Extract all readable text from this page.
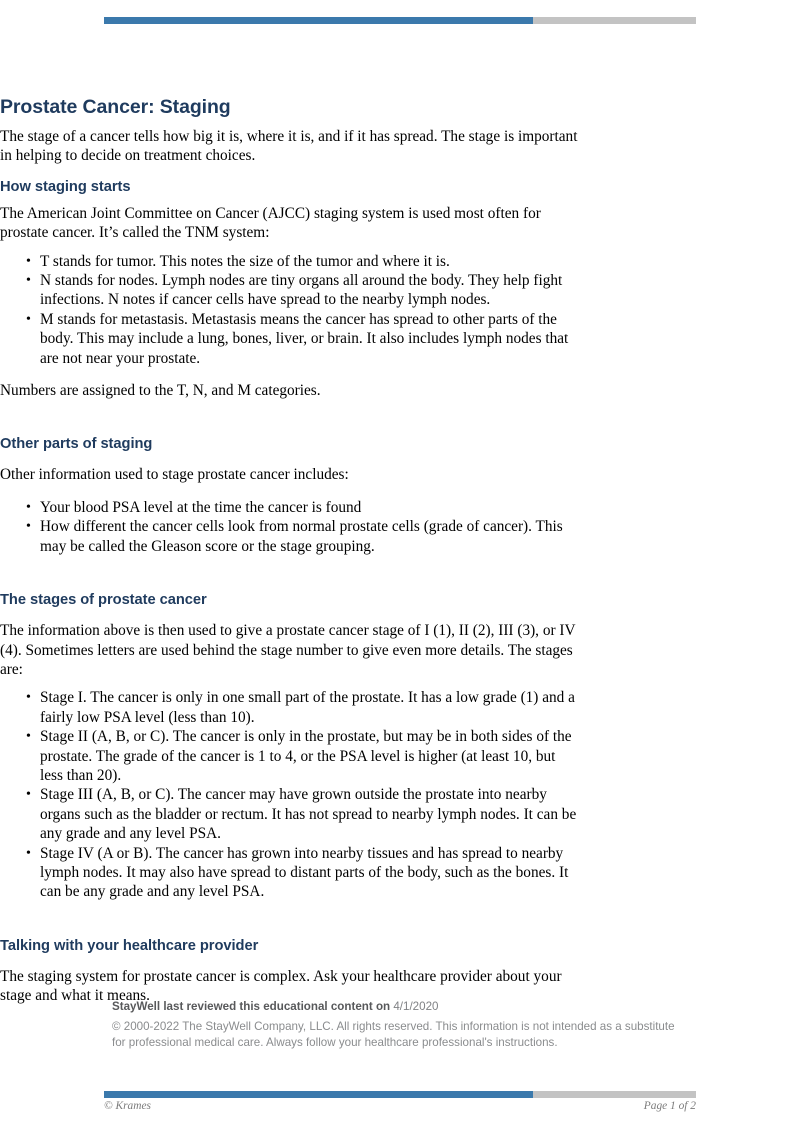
Prostate Cancer: Staging

The stage of a cancer tells how big it is, where it is, and if it has spread. The stage is important in helping to decide on treatment choices.

How staging starts

The American Joint Committee on Cancer (AJCC) staging system is used most often for prostate cancer. It’s called the TNM system:

• T stands for tumor. This notes the size of the tumor and where it is.
• N stands for nodes. Lymph nodes are tiny organs all around the body. They help fight infections. N notes if cancer cells have spread to the nearby lymph nodes.
• M stands for metastasis. Metastasis means the cancer has spread to other parts of the body. This may include a lung, bones, liver, or brain. It also includes lymph nodes that are not near your prostate.

Numbers are assigned to the T, N, and M categories.

Other parts of staging

Other information used to stage prostate cancer includes:

• Your blood PSA level at the time the cancer is found
• How different the cancer cells look from normal prostate cells (grade of cancer). This may be called the Gleason score or the stage grouping.
The stages of prostate cancer

The information above is then used to give a prostate cancer stage of I (1), II (2), III (3), or IV (4). Sometimes letters are used behind the stage number to give even more details. The stages are:

• Stage I. The cancer is only in one small part of the prostate. It has a low grade (1) and a fairly low PSA level (less than 10).
• Stage II (A, B, or C). The cancer is only in the prostate, but may be in both sides of the prostate. The grade of the cancer is 1 to 4, or the PSA level is higher (at least 10, but less than 20).
• Stage III (A, B, or C). The cancer may have grown outside the prostate into nearby organs such as the bladder or rectum. It has not spread to nearby lymph nodes. It can be any grade and any level PSA.
• Stage IV (A or B). The cancer has grown into nearby tissues and has spread to nearby lymph nodes. It may also have spread to distant parts of the body, such as the bones. It can be any grade and any level PSA.
Talking with your healthcare provider

The staging system for prostate cancer is complex. Ask your healthcare provider about your stage and what it means.

StayWell last reviewed this educational content on 4/1/2020
© 2000-2022 The StayWell Company, LLC. All rights reserved. This information is not intended as a substitute for professional medical care. Always follow your healthcare professional's instructions.
© Krames	Page 1 of 2
